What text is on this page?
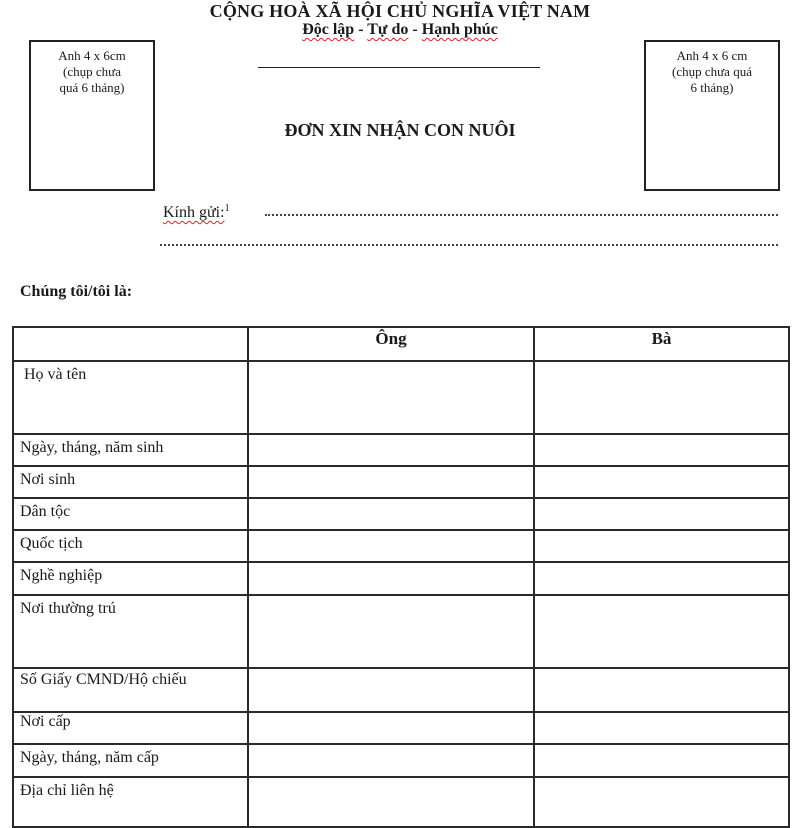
CỘNG HOÀ XÃ HỘI CHỦ NGHĨA VIỆT NAM
Độc lập - Tự do - Hạnh phúc
Anh 4 x 6cm
(chụp chưa
quá 6 tháng)
Anh 4 x 6 cm
(chụp chưa quá
6 tháng)
ĐƠN XIN NHẬN CON NUÔI
Kính gửi:$^1$
Chúng tôi/tôi là:
	Ông	Bà
Họ và tên		
Ngày, tháng, năm sinh		
Nơi sinh		
Dân tộc		
Quốc tịch		
Nghề nghiệp		
Nơi thường trú		
Số Giấy CMND/Hộ chiếu		
Nơi cấp		
Ngày, tháng, năm cấp		
Địa chỉ liên hệ		
